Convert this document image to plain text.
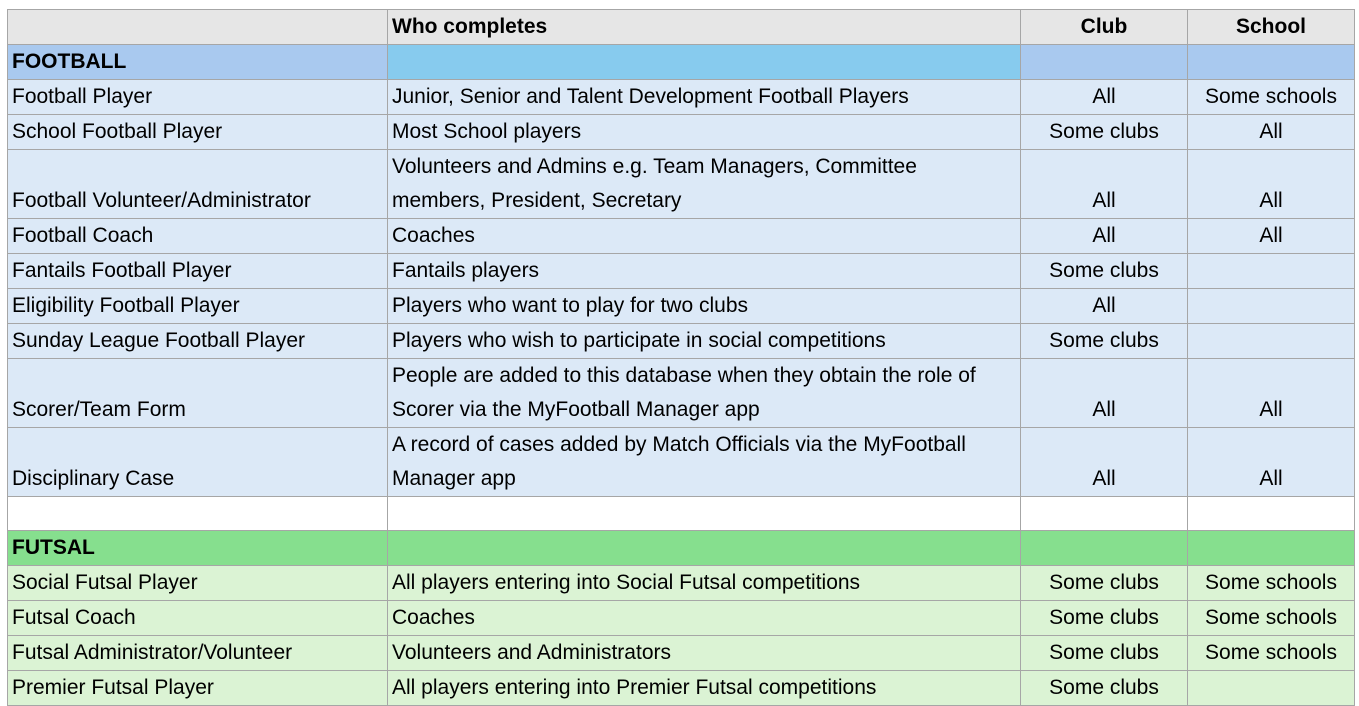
	Who completes	Club	School
FOOTBALL			
Football Player	Junior, Senior and Talent Development Football Players	All	Some schools
School Football Player	Most School players	Some clubs	All
Football Volunteer/Administrator	Volunteers and Admins e.g. Team Managers, Committee members, President, Secretary	All	All
Football Coach	Coaches	All	All
Fantails Football Player	Fantails players	Some clubs	
Eligibility Football Player	Players who want to play for two clubs	All	
Sunday League Football Player	Players who wish to participate in social competitions	Some clubs	
Scorer/Team Form	People are added to this database when they obtain the role of Scorer via the MyFootball Manager app	All	All
Disciplinary Case	A record of cases added by Match Officials via the MyFootball Manager app	All	All

FUTSAL			
Social Futsal Player	All players entering into Social Futsal competitions	Some clubs	Some schools
Futsal Coach	Coaches	Some clubs	Some schools
Futsal Administrator/Volunteer	Volunteers and Administrators	Some clubs	Some schools
Premier Futsal Player	All players entering into Premier Futsal competitions	Some clubs	
